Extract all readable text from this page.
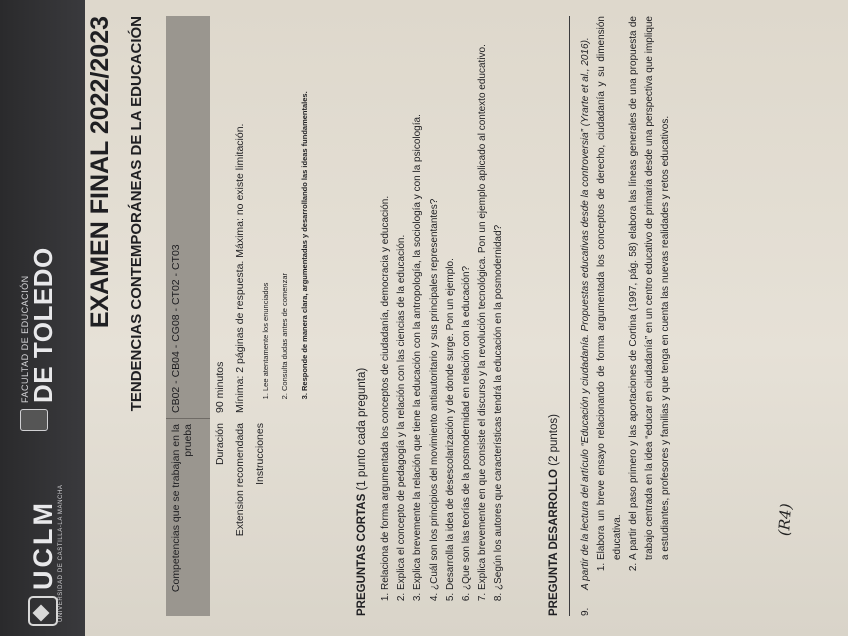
UCLM UNIVERSIDAD DE CASTILLA-LA MANCHA
FACULTAD DE EDUCACIÓN
DE TOLEDO EXAMEN FINAL 2022/2023 TENDENCIAS CONTEMPORÁNEAS DE LA EDUCACIÓN
Competencias que se trabajan en la prueba
CB02 - CB04 - CG08 - CT02 - CT03
Duración
90 minutos
Extension recomendada
Mínima: 2 páginas de respuesta. Máxima: no existe limitación.
Instrucciones
1. Lee atentamente los enunciados	2. Consulta dudas antes de comenzar	3. Responde de manera clara, argumentadas y desarrollando las ideas fundamentales.
PREGUNTAS CORTAS (1 punto cada pregunta) 1. Relaciona de forma argumentada los conceptos de ciudadanía, democracia y educación. 2. Explica el concepto de pedagogía y la relación con las ciencias de la educación. 3. Explica brevemente la relación que tiene la educación con la antropología, la sociología y con la psicología. 4. ¿Cuál son los principios del movimiento antiautoritario y sus principales representantes? 5. Desarrolla la idea de desescolarización y de donde surge. Pon un ejemplo. 6. ¿Que son las teorías de la posmodernidad en relación con la educación? 7. Explica brevemente en que consiste el discurso y la revolución tecnológica. Pon un ejemplo aplicado al contexto educativo. 8. ¿Según los autores que características tendrá la educación en la posmodernidad?	PREGUNTA DESARROLLO (2 puntos)
9.
A partir de la lectura del artículo “Educación y ciudadanía. Propuestas educativas desde la controversia” (Yrarte et al., 2016). 1. Elabora un breve ensayo relacionando de forma argumentada los conceptos de derecho, ciudadanía y su dimensión educativa. 2. A partir del paso primero y las aportaciones de Cortina (1997, pág. 58) elabora las líneas generales de una propuesta de trabajo centrada en la idea “educar en ciudadanía” en un centro educativo de primaria desde una perspectiva que implique a estudiantes, profesores y familias y que tenga en cuenta las nuevas realidades y retos educativos.	(R4)
